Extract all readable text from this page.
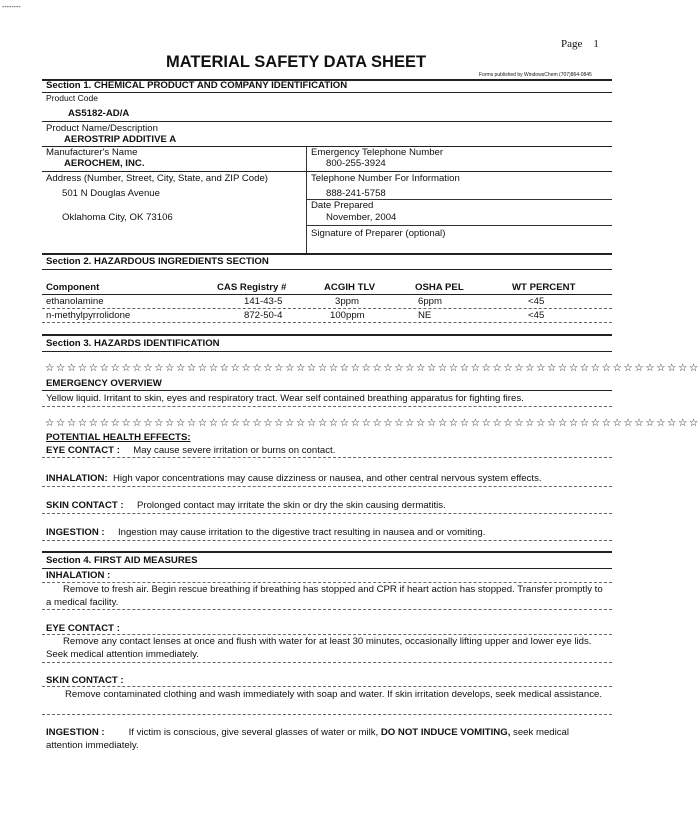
--------
Page 1
MATERIAL SAFETY DATA SHEET
Forms published by WindowsChem (707)864-0845
Section 1. CHEMICAL PRODUCT AND COMPANY IDENTIFICATION
Product Code
AS5182-AD/A
Product Name/Description
AEROSTRIP ADDITIVE A
Manufacturer's Name
AEROCHEM, INC.
Emergency Telephone Number
800-255-3924
Address (Number, Street, City, State, and ZIP Code)
501 N Douglas Avenue
Oklahoma City, OK 73106
Telephone Number For Information
888-241-5758
Date Prepared
November, 2004
Signature of Preparer (optional)
Section 2. HAZARDOUS INGREDIENTS SECTION
Component	CAS Registry #	ACGIH TLV	OSHA PEL	WT PERCENT
ethanolamine	141-43-5	3ppm	6ppm	<45
n-methylpyrrolidone	872-50-4	100ppm	NE	<45
Section 3. HAZARDS IDENTIFICATION
☆☆☆☆☆☆☆☆☆☆☆☆☆☆☆☆☆☆☆☆☆☆☆☆☆☆☆☆☆☆☆☆☆☆☆☆☆☆☆☆☆☆☆☆☆☆☆☆☆☆☆☆☆☆☆☆☆☆☆☆
EMERGENCY OVERVIEW
Yellow liquid. Irritant to skin, eyes and respiratory tract. Wear self contained breathing apparatus for fighting fires.
☆☆☆☆☆☆☆☆☆☆☆☆☆☆☆☆☆☆☆☆☆☆☆☆☆☆☆☆☆☆☆☆☆☆☆☆☆☆☆☆☆☆☆☆☆☆☆☆☆☆☆☆☆☆☆☆☆☆☆☆
POTENTIAL HEALTH EFFECTS:
EYE CONTACT : May cause severe irritation or burns on contact.
INHALATION: High vapor concentrations may cause dizziness or nausea, and other central nervous system effects.
SKIN CONTACT : Prolonged contact may irritate the skin or dry the skin causing dermatitis.
INGESTION : Ingestion may cause irritation to the digestive tract resulting in nausea and or vomiting.
Section 4. FIRST AID MEASURES
INHALATION :
Remove to fresh air. Begin rescue breathing if breathing has stopped and CPR if heart action has stopped. Transfer promptly to a medical facility.
EYE CONTACT :
Remove any contact lenses at once and flush with water for at least 30 minutes, occasionally lifting upper and lower eye lids. Seek medical attention immediately.
SKIN CONTACT :
Remove contaminated clothing and wash immediately with soap and water. If skin irritation develops, seek medical assistance.
INGESTION :	If victim is conscious, give several glasses of water or milk, DO NOT INDUCE VOMITING, seek medical attention immediately.
